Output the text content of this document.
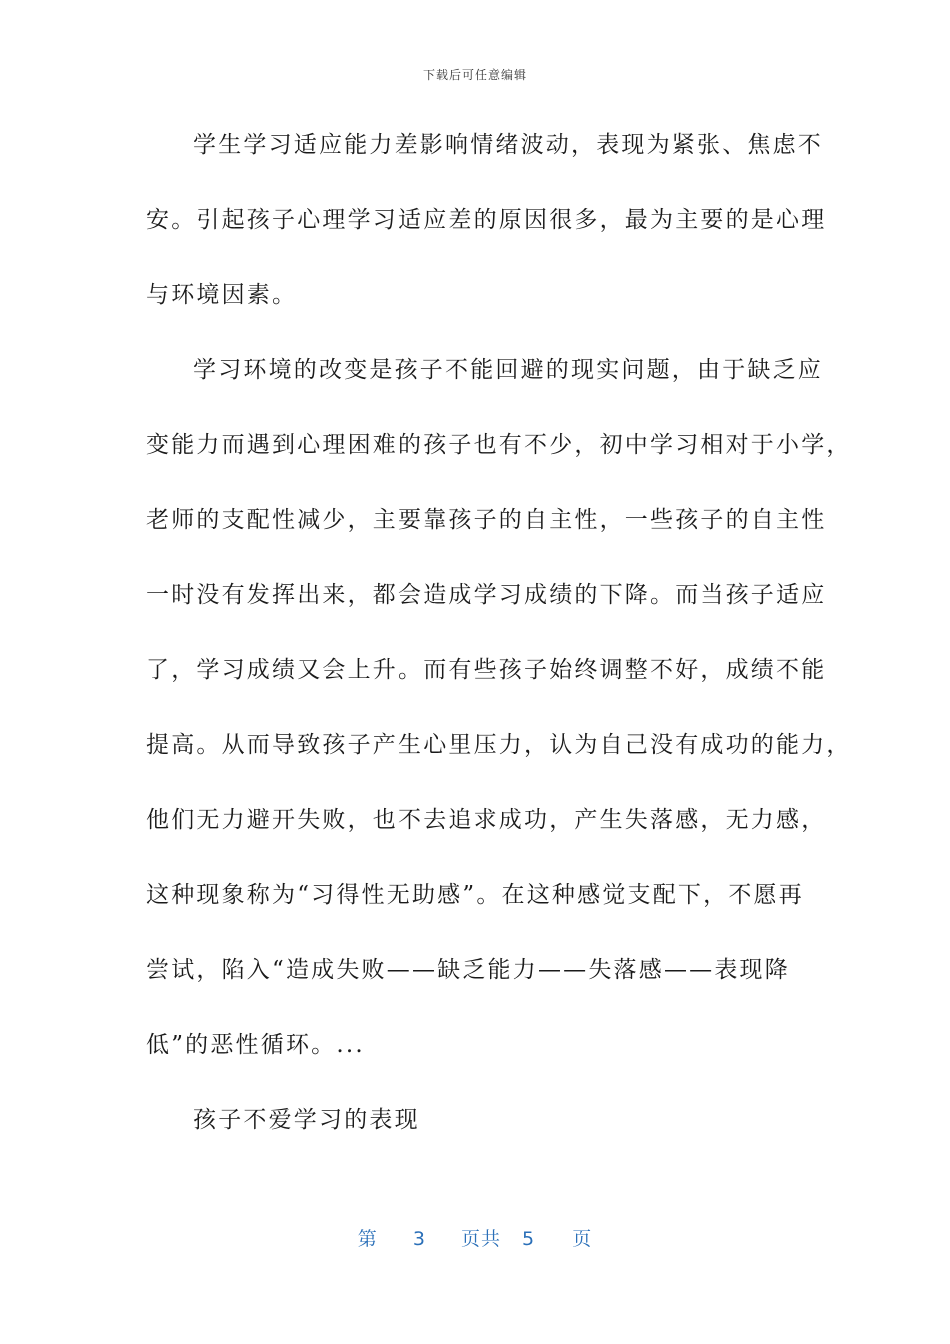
下载后可任意编辑
学生学习适应能力差影响情绪波动，表现为紧张、焦虑不
安。引起孩子心理学习适应差的原因很多，最为主要的是心理
与环境因素。
学习环境的改变是孩子不能回避的现实问题，由于缺乏应
变能力而遇到心理困难的孩子也有不少，初中学习相对于小学，
老师的支配性减少，主要靠孩子的自主性，一些孩子的自主性
一时没有发挥出来，都会造成学习成绩的下降。而当孩子适应
了，学习成绩又会上升。而有些孩子始终调整不好，成绩不能
提高。从而导致孩子产生心里压力，认为自己没有成功的能力，
他们无力避开失败，也不去追求成功，产生失落感，无力感，
这种现象称为“习得性无助感”。在这种感觉支配下，不愿再
尝试，陷入“造成失败——缺乏能力——失落感——表现降
低”的恶性循环。...
孩子不爱学习的表现
第 3 页共 5 页
